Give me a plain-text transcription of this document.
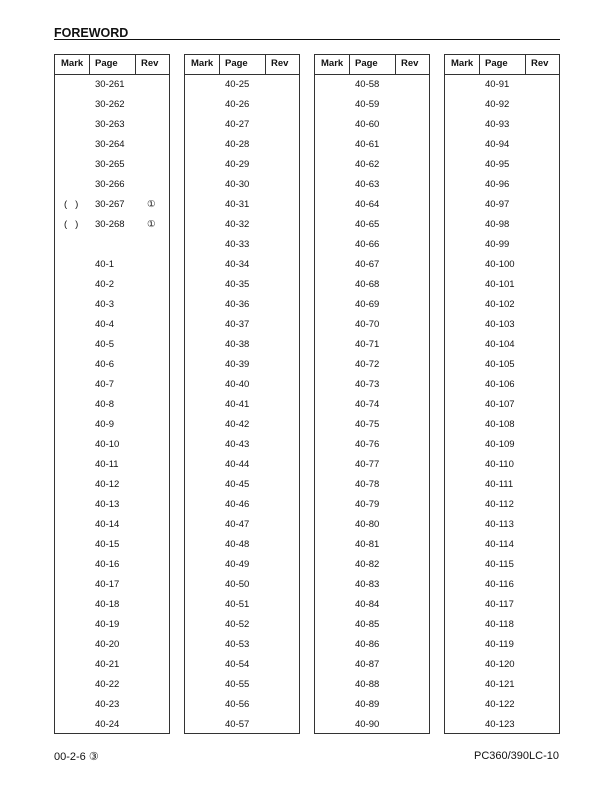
FOREWORD
Mark Page Rev
30-261
30-262
30-263
30-264
30-265
30-266
(   ) 30-267 ①
(   ) 30-268 ①
40-1
40-2
40-3
40-4
40-5
40-6
40-7
40-8
40-9
40-10
40-11
40-12
40-13
40-14
40-15
40-16
40-17
40-18
40-19
40-20
40-21
40-22
40-23
40-24
Mark Page Rev
40-25
40-26
40-27
40-28
40-29
40-30
40-31
40-32
40-33
40-34
40-35
40-36
40-37
40-38
40-39
40-40
40-41
40-42
40-43
40-44
40-45
40-46
40-47
40-48
40-49
40-50
40-51
40-52
40-53
40-54
40-55
40-56
40-57
Mark Page Rev
40-58
40-59
40-60
40-61
40-62
40-63
40-64
40-65
40-66
40-67
40-68
40-69
40-70
40-71
40-72
40-73
40-74
40-75
40-76
40-77
40-78
40-79
40-80
40-81
40-82
40-83
40-84
40-85
40-86
40-87
40-88
40-89
40-90
Mark Page Rev
40-91
40-92
40-93
40-94
40-95
40-96
40-97
40-98
40-99
40-100
40-101
40-102
40-103
40-104
40-105
40-106
40-107
40-108
40-109
40-110
40-111
40-112
40-113
40-114
40-115
40-116
40-117
40-118
40-119
40-120
40-121
40-122
40-123
00-2-6 ③	PC360/390LC-10
